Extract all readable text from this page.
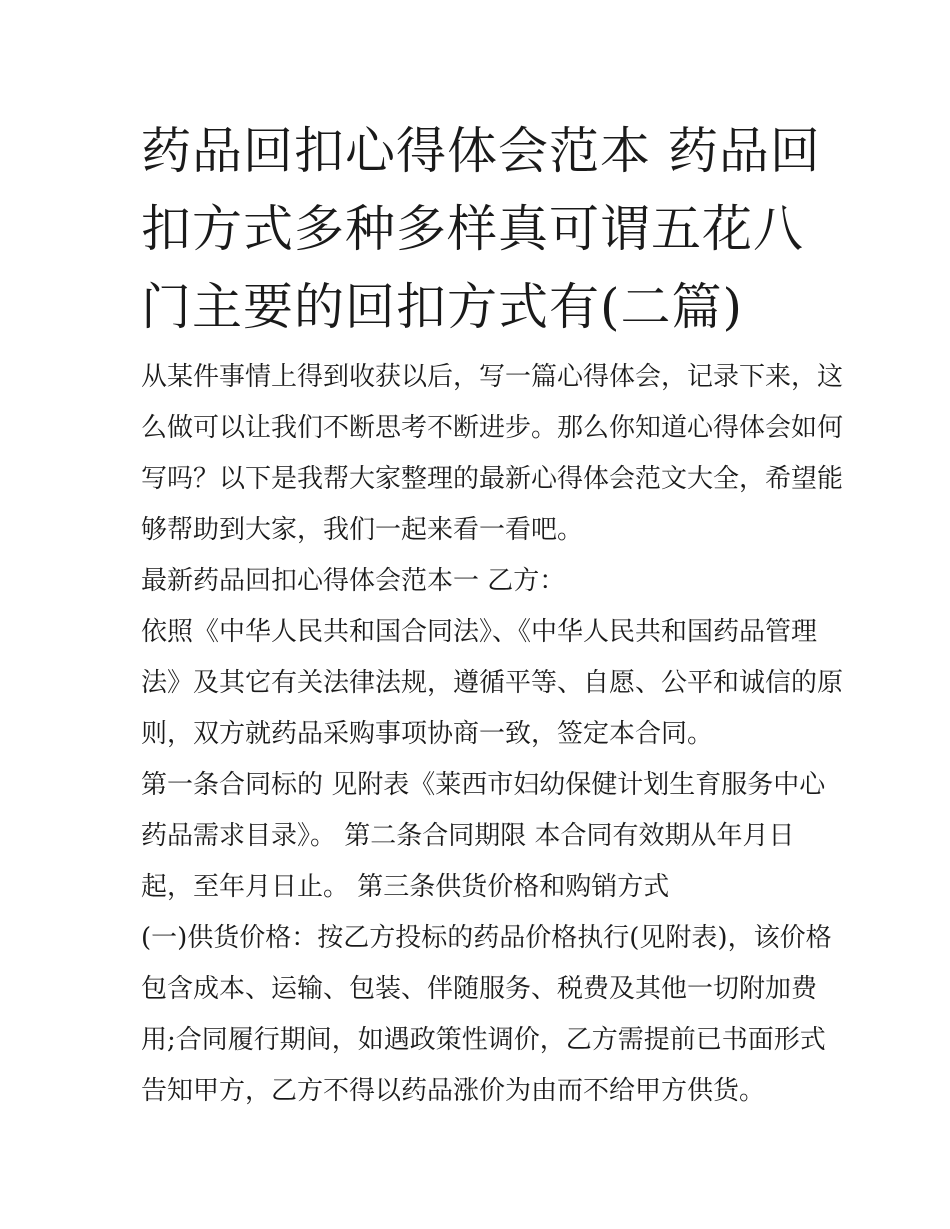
药品回扣心得体会范本 药品回
扣方式多种多样真可谓五花八
门主要的回扣方式有(二篇)

从某件事情上得到收获以后，写一篇心得体会，记录下来，这

么做可以让我们不断思考不断进步。那么你知道心得体会如何

写吗？以下是我帮大家整理的最新心得体会范文大全，希望能

够帮助到大家，我们一起来看一看吧。

最新药品回扣心得体会范本一 乙方：

依照《中华人民共和国合同法》、《中华人民共和国药品管理

法》及其它有关法律法规，遵循平等、自愿、公平和诚信的原

则，双方就药品采购事项协商一致，签定本合同。

第一条合同标的 见附表《莱西市妇幼保健计划生育服务中心

药品需求目录》。 第二条合同期限 本合同有效期从年月日

起，至年月日止。 第三条供货价格和购销方式

(一)供货价格：按乙方投标的药品价格执行(见附表)，该价格

包含成本、运输、包装、伴随服务、税费及其他一切附加费

用;合同履行期间，如遇政策性调价，乙方需提前已书面形式

告知甲方，乙方不得以药品涨价为由而不给甲方供货。
